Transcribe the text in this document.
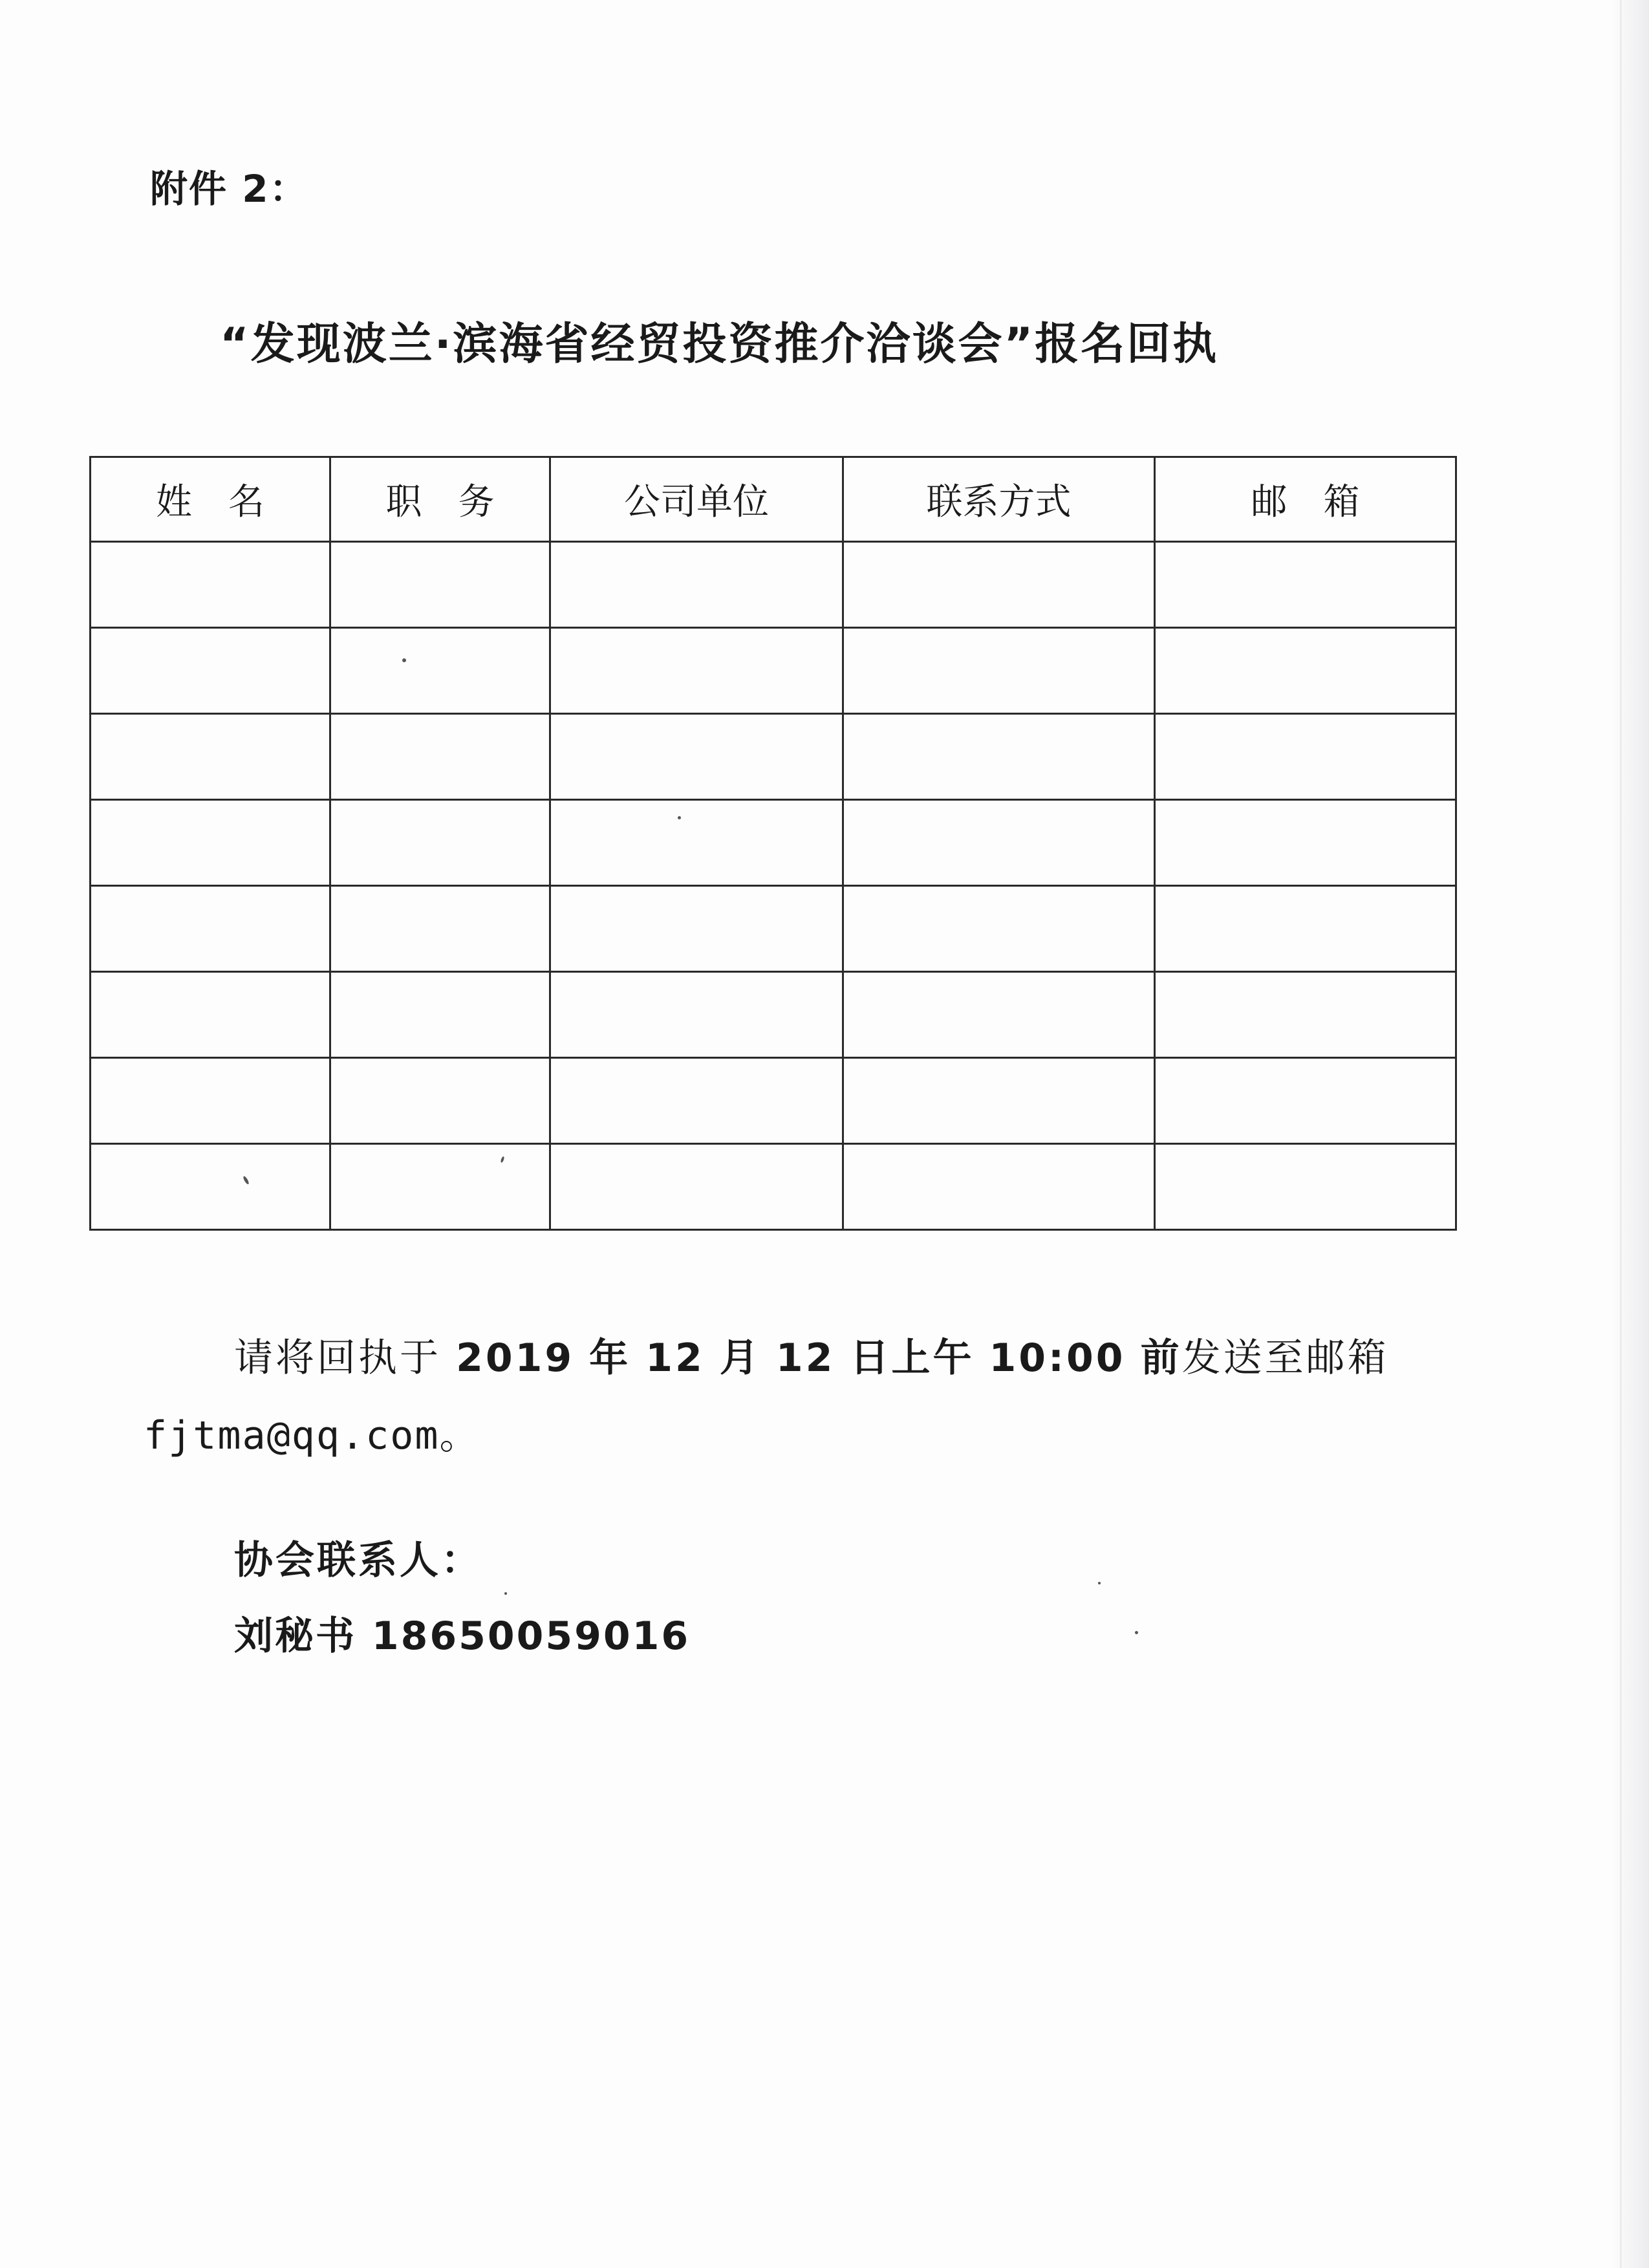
附件 2：
“发现波兰·滨海省经贸投资推介洽谈会”报名回执
姓　名	职　务	公司单位	联系方式	邮　箱

请将回执于 2019 年 12 月 12 日上午 10:00 前发送至邮箱
fjtma@qq.com。
协会联系人：
刘秘书 18650059016
